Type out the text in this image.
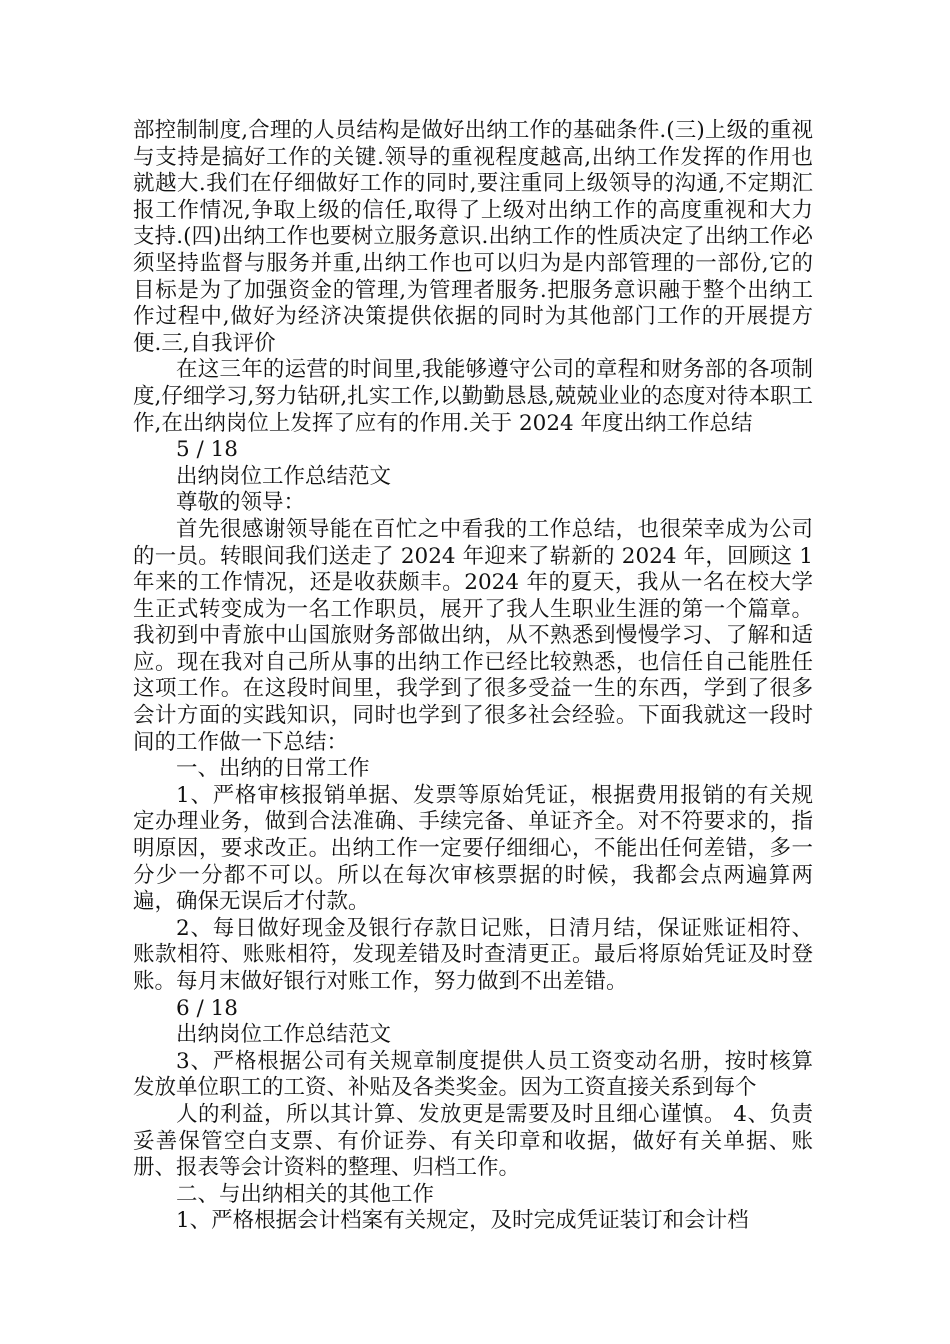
部控制制度,合理的人员结构是做好出纳工作的基础条件.(三)上级的重视与支持是搞好工作的关键.领导的重视程度越高,出纳工作发挥的作用也就越大.我们在仔细做好工作的同时,要注重同上级领导的沟通,不定期汇报工作情况,争取上级的信任,取得了上级对出纳工作的高度重视和大力支持.(四)出纳工作也要树立服务意识.出纳工作的性质决定了出纳工作必须坚持监督与服务并重,出纳工作也可以归为是内部管理的一部份,它的目标是为了加强资金的管理,为管理者服务.把服务意识融于整个出纳工作过程中,做好为经济决策提供依据的同时为其他部门工作的开展提方便.三,自我评价

在这三年的运营的时间里,我能够遵守公司的章程和财务部的各项制度,仔细学习,努力钻研,扎实工作,以勤勤恳恳,兢兢业业的态度对待本职工作,在出纳岗位上发挥了应有的作用.关于 2024 年度出纳工作总结

5 / 18

出纳岗位工作总结范文

尊敬的领导：

首先很感谢领导能在百忙之中看我的工作总结，也很荣幸成为公司的一员。转眼间我们送走了 2024 年迎来了崭新的 2024 年，回顾这 1 年来的工作情况，还是收获颇丰。2024 年的夏天，我从一名在校大学生正式转变成为一名工作职员，展开了我人生职业生涯的第一个篇章。我初到中青旅中山国旅财务部做出纳，从不熟悉到慢慢学习、了解和适应。现在我对自己所从事的出纳工作已经比较熟悉，也信任自己能胜任这项工作。在这段时间里，我学到了很多受益一生的东西，学到了很多会计方面的实践知识，同时也学到了很多社会经验。下面我就这一段时间的工作做一下总结：

一、出纳的日常工作

1、严格审核报销单据、发票等原始凭证，根据费用报销的有关规定办理业务，做到合法准确、手续完备、单证齐全。对不符要求的，指明原因，要求改正。出纳工作一定要仔细细心，不能出任何差错，多一分少一分都不可以。所以在每次审核票据的时候，我都会点两遍算两遍，确保无误后才付款。

2、每日做好现金及银行存款日记账，日清月结，保证账证相符、账款相符、账账相符，发现差错及时查清更正。最后将原始凭证及时登账。每月末做好银行对账工作，努力做到不出差错。

6 / 18

出纳岗位工作总结范文

3、严格根据公司有关规章制度提供人员工资变动名册，按时核算发放单位职工的工资、补贴及各类奖金。因为工资直接关系到每个

人的利益，所以其计算、发放更是需要及时且细心谨慎。 4、负责妥善保管空白支票、有价证券、有关印章和收据，做好有关单据、账册、报表等会计资料的整理、归档工作。

二、与出纳相关的其他工作

1、严格根据会计档案有关规定，及时完成凭证装订和会计档
